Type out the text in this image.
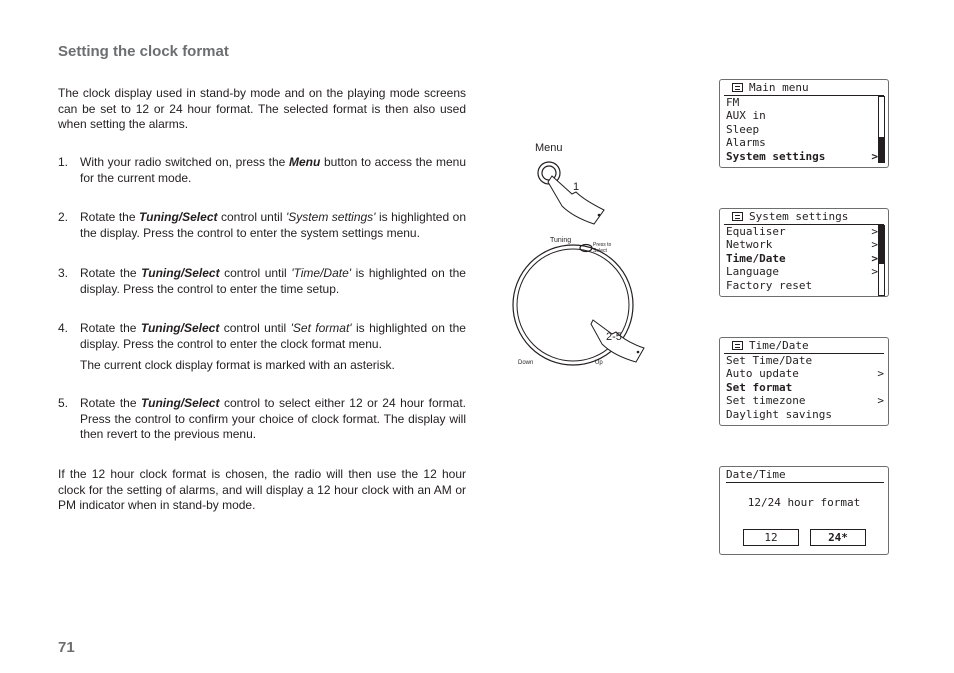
Setting the clock format
The clock display used in stand-by mode and on the playing mode screens can be set to 12 or 24 hour format. The selected format is then also used when setting the alarms.
1. With your radio switched on, press the Menu button to access the menu for the current mode.
2. Rotate the Tuning/Select control until 'System settings' is highlighted on the display. Press the control to enter the system settings menu.
3. Rotate the Tuning/Select control until 'Time/Date' is highlighted on the display. Press the control to enter the time setup.
4. Rotate the Tuning/Select control until 'Set format' is highlighted on the display. Press the control to enter the clock format menu.
The current clock display format is marked with an asterisk.
5. Rotate the Tuning/Select control to select either 12 or 24 hour format. Press the control to confirm your choice of clock format. The display will then revert to the previous menu.
If the 12 hour clock format is chosen, the radio will then use the 12 hour clock for the setting of alarms, and will display a 12 hour clock with an AM or PM indicator when in stand-by mode.
71
Menu
1
Tuning
Press to
Select
2-5
Down	Up
Main menu
FM
AUX in
Sleep
Alarms
System settings	>
System settings
Equaliser	>
Network	>
Time/Date	>
Language	>
Factory reset
Time/Date
Set Time/Date
Auto update	>
Set format
Set timezone	>
Daylight savings
Date/Time
12/24 hour format
12	24*
